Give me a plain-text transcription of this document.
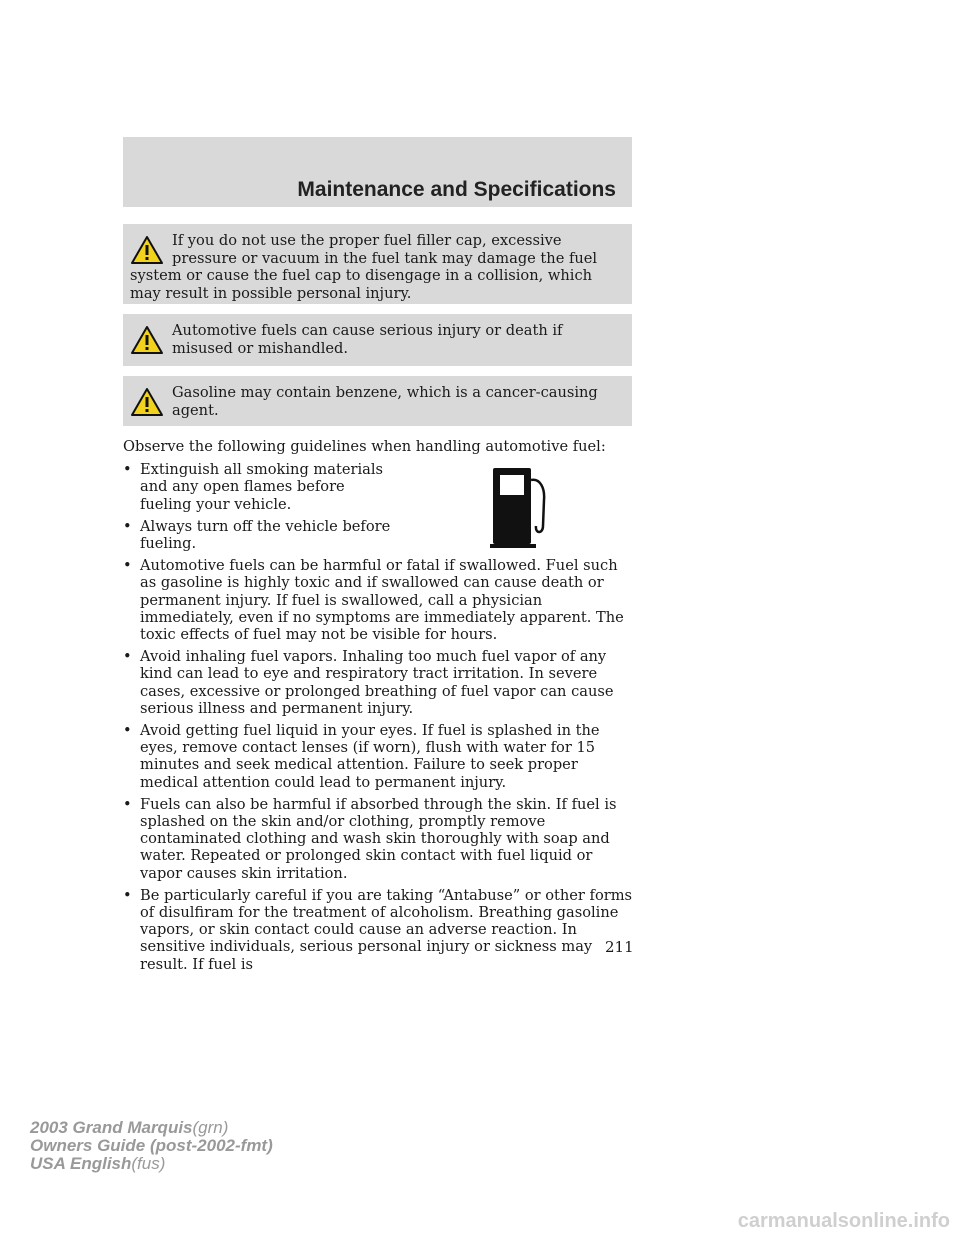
Maintenance and Specifications
If you do not use the proper fuel filler cap, excessive pressure or vacuum in the fuel tank may damage the fuel system or cause the fuel cap to disengage in a collision, which may result in possible personal injury.
Automotive fuels can cause serious injury or death if misused or mishandled.
Gasoline may contain benzene, which is a cancer-causing agent.
Observe the following guidelines when handling automotive fuel:
• Extinguish all smoking materials and any open flames before fueling your vehicle.
• Always turn off the vehicle before fueling.
• Automotive fuels can be harmful or fatal if swallowed. Fuel such as gasoline is highly toxic and if swallowed can cause death or permanent injury. If fuel is swallowed, call a physician immediately, even if no symptoms are immediately apparent. The toxic effects of fuel may not be visible for hours.
• Avoid inhaling fuel vapors. Inhaling too much fuel vapor of any kind can lead to eye and respiratory tract irritation. In severe cases, excessive or prolonged breathing of fuel vapor can cause serious illness and permanent injury.
• Avoid getting fuel liquid in your eyes. If fuel is splashed in the eyes, remove contact lenses (if worn), flush with water for 15 minutes and seek medical attention. Failure to seek proper medical attention could lead to permanent injury.
• Fuels can also be harmful if absorbed through the skin. If fuel is splashed on the skin and/or clothing, promptly remove contaminated clothing and wash skin thoroughly with soap and water. Repeated or prolonged skin contact with fuel liquid or vapor causes skin irritation.
• Be particularly careful if you are taking “Antabuse” or other forms of disulfiram for the treatment of alcoholism. Breathing gasoline vapors, or skin contact could cause an adverse reaction. In sensitive individuals, serious personal injury or sickness may result. If fuel is
211
2003 Grand Marquis(grn)
Owners Guide (post-2002-fmt)
USA English(fus)
carmanualsonline.info
